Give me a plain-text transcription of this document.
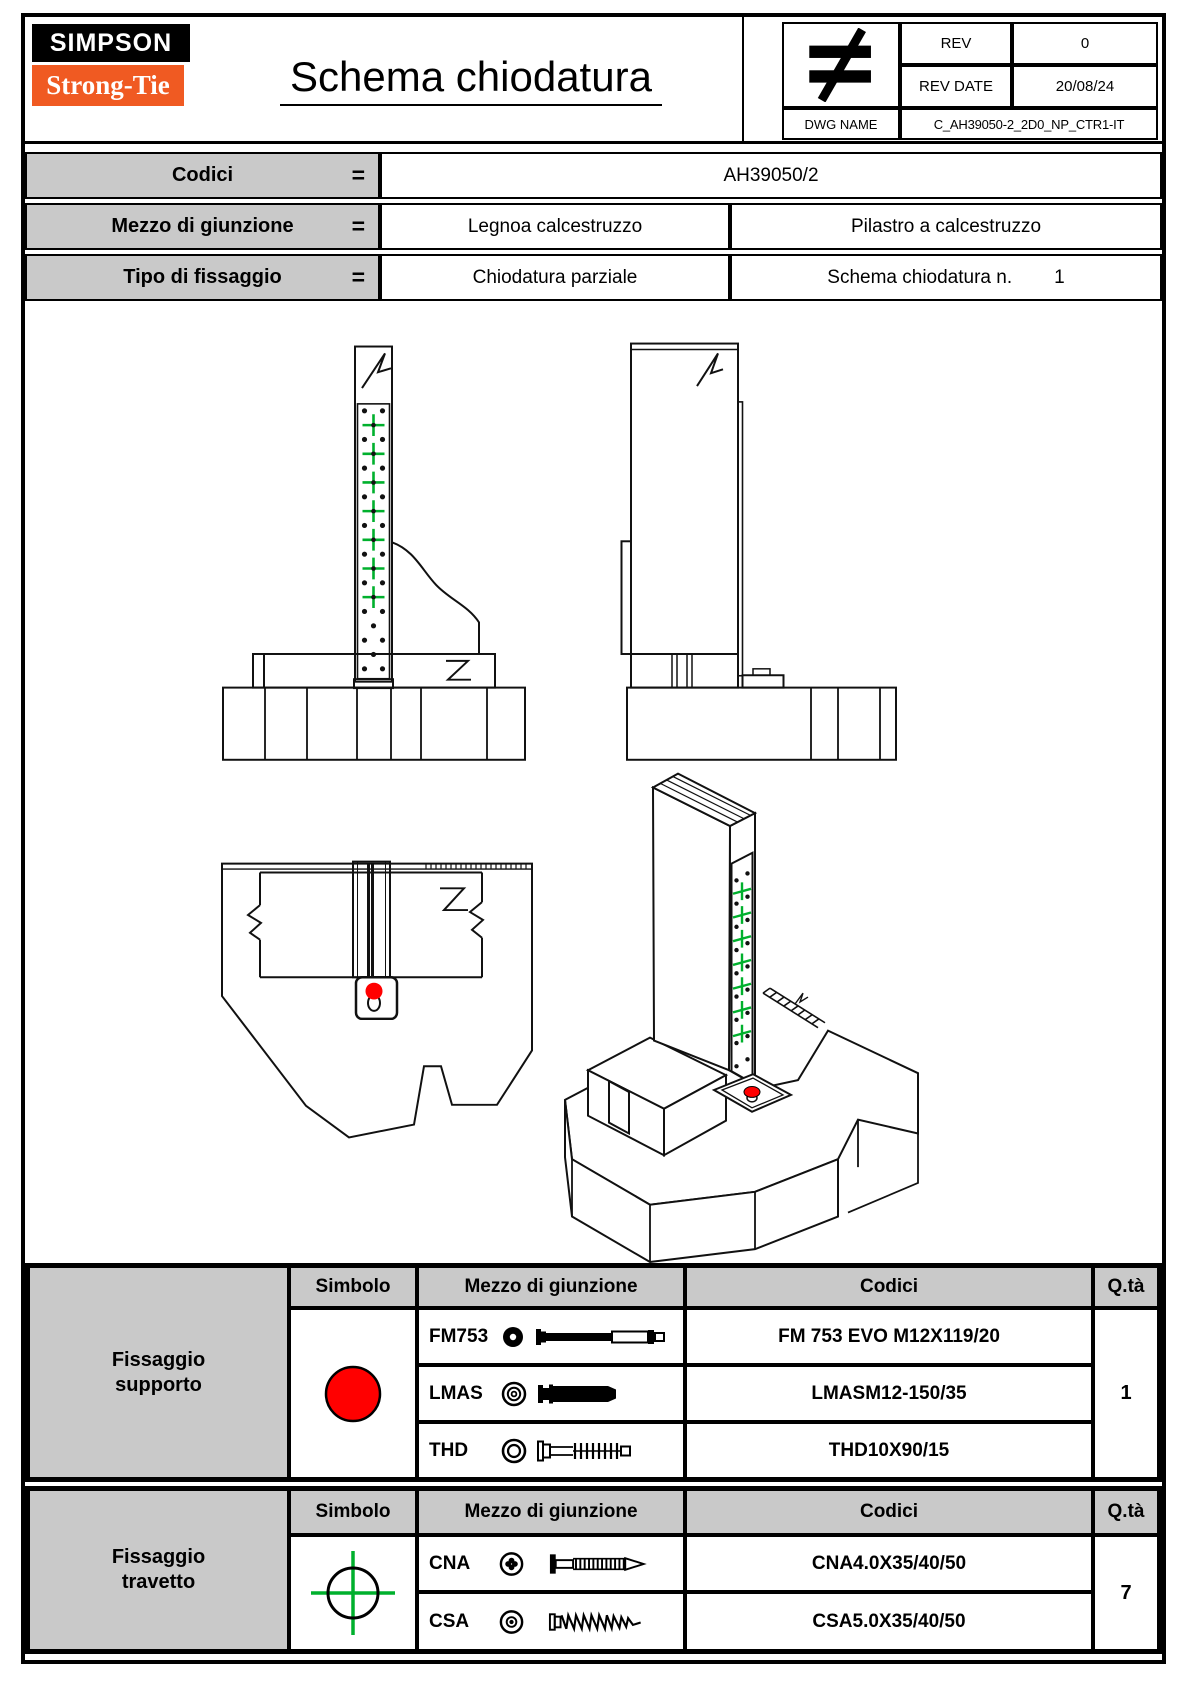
SIMPSON
Strong-Tie	Schema chiodatura
REV	0
REV DATE	20/08/24
DWG NAME	C_AH39050-2_2D0_NP_CTR1-IT
Codici	=	AH39050/2
Mezzo di giunzione	=	Legnoa calcestruzzo	Pilastro a calcestruzzo
Tipo di fissaggio	=	Chiodatura parziale	Schema chiodatura n. 1
Fissaggio supporto
Simbolo	Mezzo di giunzione	Codici	Q.tà
FM753	FM 753 EVO M12X119/20
LMAS	LMASM12-150/35
THD	THD10X90/15
1
Fissaggio travetto
Simbolo	Mezzo di giunzione	Codici	Q.tà
CNA	CNA4.0X35/40/50
CSA	CSA5.0X35/40/50
7
